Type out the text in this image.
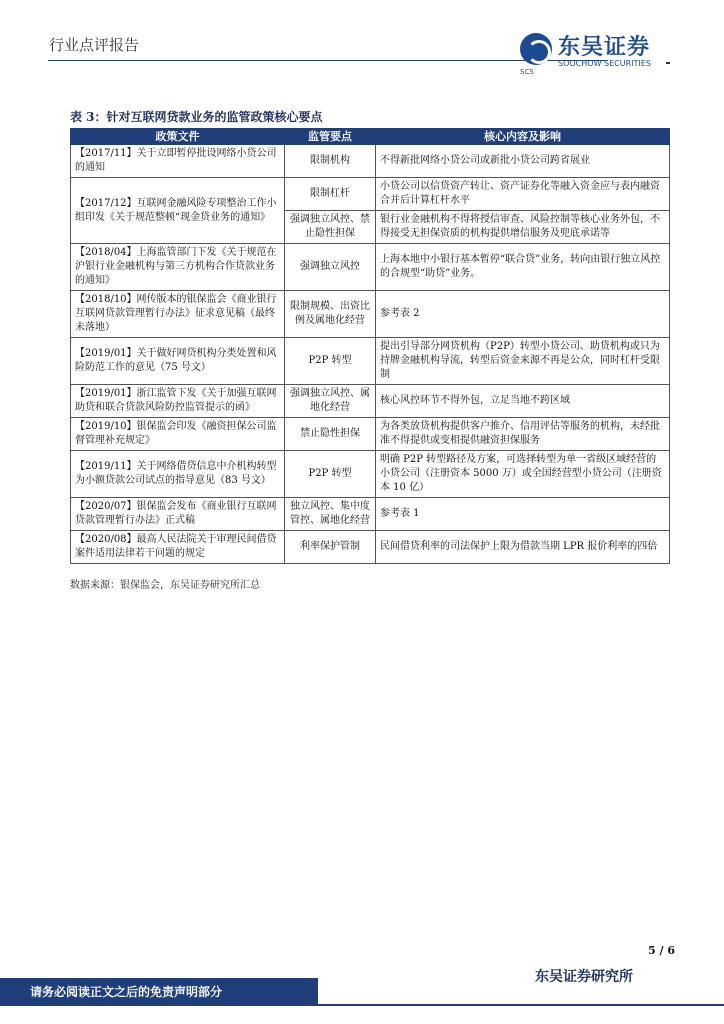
行业点评报告	东吴证券
SOOCHOW SECURITIES
SCS
表 3：针对互联网贷款业务的监管政策核心要点
政策文件	监管要点	核心内容及影响
【2017/11】关于立即暂停批设网络小贷公司的通知	限制机构	不得新批网络小贷公司或新批小贷公司跨省展业
【2017/12】互联网金融风险专项整治工作小组印发《关于规范整顿“现金贷业务的通知》	限制杠杆	小贷公司以信贷资产转让、资产证券化等融入资金应与表内融资合并后计算杠杆水平
	强调独立风控、禁止隐性担保	银行业金融机构不得将授信审查、风险控制等核心业务外包，不得接受无担保资质的机构提供增信服务及兜底承诺等
【2018/04】上海监管部门下发《关于规范在沪银行业金融机构与第三方机构合作贷款业务的通知》	强调独立风控	上海本地中小银行基本暂停“联合贷”业务，转向由银行独立风控的合规型“助贷”业务。
【2018/10】网传版本的银保监会《商业银行互联网贷款管理暂行办法》征求意见稿（最终未落地）	限制规模、出资比例及属地化经营	参考表 2
【2019/01】关于做好网贷机构分类处置和风险防范工作的意见（75 号文）	P2P 转型	提出引导部分网贷机构（P2P）转型小贷公司、助贷机构或只为持牌金融机构导流，转型后资金来源不再是公众，同时杠杆受限制
【2019/01】浙江监管下发《关于加强互联网助贷和联合贷款风险防控监管提示的函》	强调独立风控、属地化经营	核心风控环节不得外包，立足当地不跨区域
【2019/10】银保监会印发《融资担保公司监督管理补充规定》	禁止隐性担保	为各类放贷机构提供客户推介、信用评估等服务的机构，未经批准不得提供或变相提供融资担保服务
【2019/11】关于网络借贷信息中介机构转型为小额贷款公司试点的指导意见（83 号文）	P2P 转型	明确 P2P 转型路径及方案，可选择转型为单一省级区域经营的小贷公司（注册资本 5000 万）或全国经营型小贷公司（注册资本 10 亿）
【2020/07】银保监会发布《商业银行互联网贷款管理暂行办法》正式稿	独立风控、集中度管控、属地化经营	参考表 1
【2020/08】最高人民法院关于审理民间借贷案件适用法律若干问题的规定	利率保护管制	民间借贷利率的司法保护上限为借款当期 LPR 报价利率的四倍
数据来源：银保监会，东吴证券研究所汇总
5 / 6
东吴证券研究所
请务必阅读正文之后的免责声明部分
